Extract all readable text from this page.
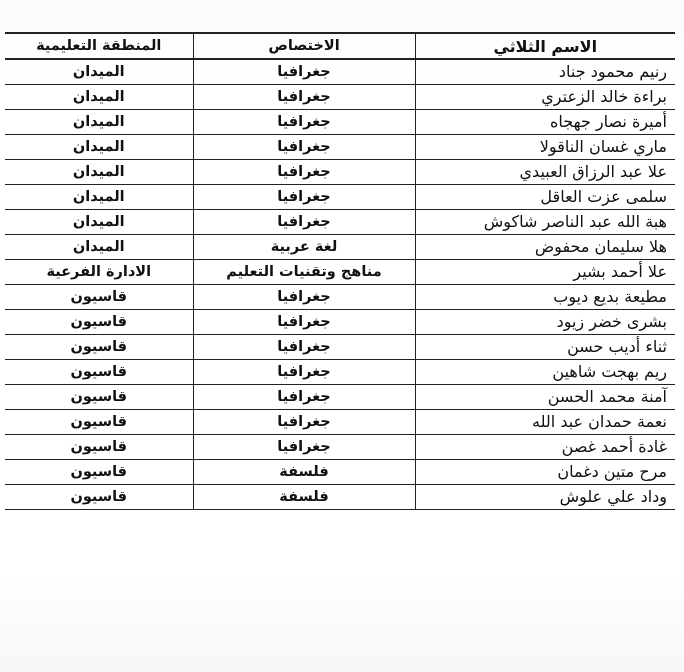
الاسم الثلاثي	الاختصاص	المنطقة التعليمية
رنيم محمود جناد	جغرافيا	الميدان
براءة خالد الزعتري	جغرافيا	الميدان
أميرة نصار جهجاه	جغرافيا	الميدان
ماري غسان الناقولا	جغرافيا	الميدان
علا عبد الرزاق العبيدي	جغرافيا	الميدان
سلمى عزت العاقل	جغرافيا	الميدان
هبة الله عبد الناصر شاكوش	جغرافيا	الميدان
هلا سليمان محفوض	لغة عربية	الميدان
علا أحمد بشير	مناهج وتقنيات التعليم	الادارة الفرعية
مطيعة بديع ديوب	جغرافيا	قاسيون
بشرى خضر زيود	جغرافيا	قاسيون
ثناء أديب حسن	جغرافيا	قاسيون
ريم بهجت شاهين	جغرافيا	قاسيون
آمنة محمد الحسن	جغرافيا	قاسيون
نعمة حمدان عبد الله	جغرافيا	قاسيون
غادة أحمد غصن	جغرافيا	قاسيون
مرح متين دغمان	فلسفة	قاسيون
وداد علي علوش	فلسفة	قاسيون
